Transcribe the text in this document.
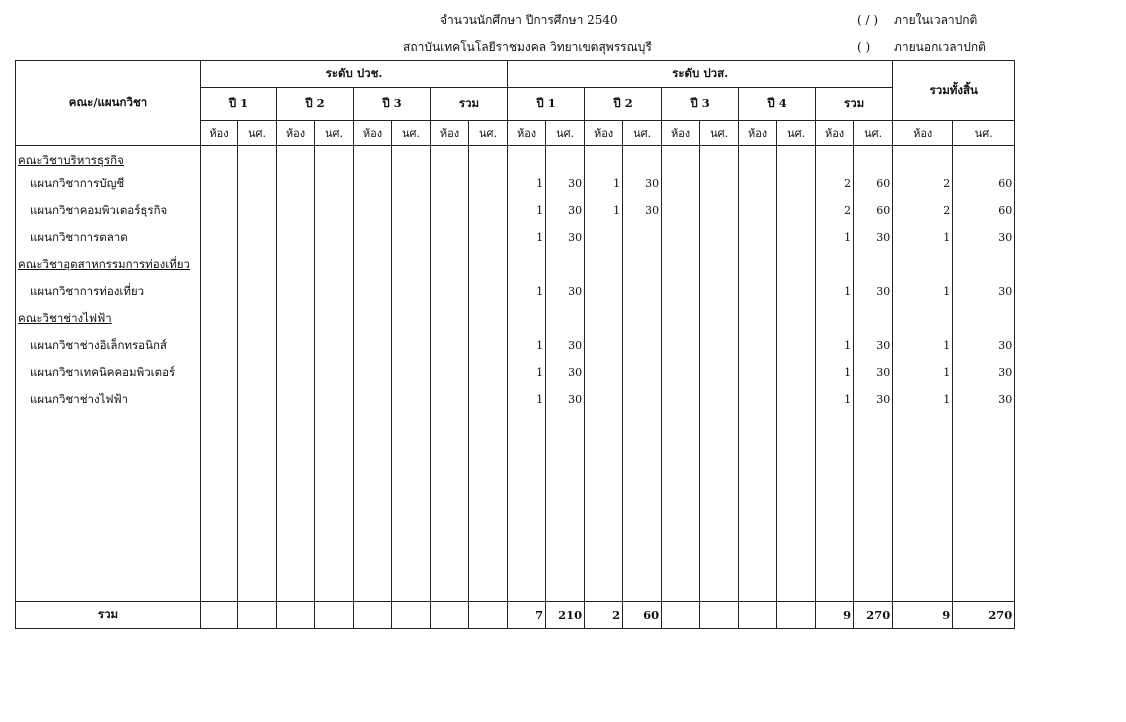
จำนวนนักศึกษา ปีการศึกษา 2540
สถาบันเทคโนโลยีราชมงคล วิทยาเขตสุพรรณบุรี
( / ) ภายในเวลาปกติ
( ) ภายนอกเวลาปกติ
คณะ/แผนกวิชา	ระดับ ปวช.								ระดับ ปวส.										รวมทั้งสิ้น	
	ปี 1		ปี 2		ปี 3		รวม		ปี 1		ปี 2		ปี 3		ปี 4		รวม			
	ห้อง	นศ.	ห้อง	นศ.	ห้อง	นศ.	ห้อง	นศ.	ห้อง	นศ.	ห้อง	นศ.	ห้อง	นศ.	ห้อง	นศ.	ห้อง	นศ.	ห้อง	นศ.
คณะวิชาบริหารธุรกิจ																				
แผนกวิชาการบัญชี									1	30	1	30					2	60	2	60
แผนกวิชาคอมพิวเตอร์ธุรกิจ									1	30	1	30					2	60	2	60
แผนกวิชาการตลาด									1	30							1	30	1	30
คณะวิชาอุตสาหกรรมการท่องเที่ยว																				
แผนกวิชาการท่องเที่ยว									1	30							1	30	1	30
คณะวิชาช่างไฟฟ้า																				
แผนกวิชาช่างอิเล็กทรอนิกส์									1	30							1	30	1	30
แผนกวิชาเทคนิคคอมพิวเตอร์									1	30							1	30	1	30
แผนกวิชาช่างไฟฟ้า									1	30							1	30	1	30

รวม									7	210	2	60					9	270	9	270
